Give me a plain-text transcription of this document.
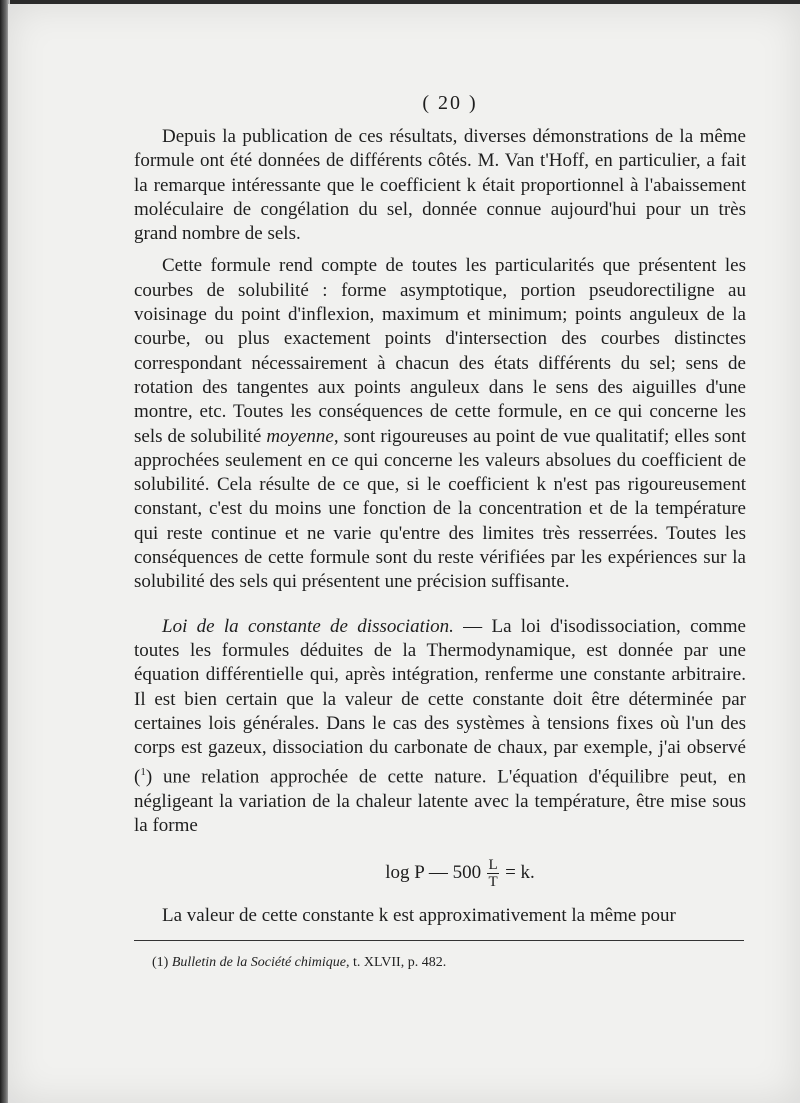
( 20 )

Depuis la publication de ces résultats, diverses démonstrations de la même formule ont été données de différents côtés. M. Van t'Hoff, en particulier, a fait la remarque intéressante que le coefficient k était proportionnel à l'abaissement moléculaire de congélation du sel, donnée connue aujourd'hui pour un très grand nombre de sels.

Cette formule rend compte de toutes les particularités que présentent les courbes de solubilité : forme asymptotique, portion pseudorectiligne au voisinage du point d'inflexion, maximum et minimum; points anguleux de la courbe, ou plus exactement points d'intersection des courbes distinctes correspondant nécessairement à chacun des états différents du sel; sens de rotation des tangentes aux points anguleux dans le sens des aiguilles d'une montre, etc. Toutes les conséquences de cette formule, en ce qui concerne les sels de solubilité moyenne, sont rigoureuses au point de vue qualitatif; elles sont approchées seulement en ce qui concerne les valeurs absolues du coefficient de solubilité. Cela résulte de ce que, si le coefficient k n'est pas rigoureusement constant, c'est du moins une fonction de la concentration et de la température qui reste continue et ne varie qu'entre des limites très resserrées. Toutes les conséquences de cette formule sont du reste vérifiées par les expériences sur la solubilité des sels qui présentent une précision suffisante.

Loi de la constante de dissociation. — La loi d'isodissociation, comme toutes les formules déduites de la Thermodynamique, est donnée par une équation différentielle qui, après intégration, renferme une constante arbitraire. Il est bien certain que la valeur de cette constante doit être déterminée par certaines lois générales. Dans le cas des systèmes à tensions fixes où l'un des corps est gazeux, dissociation du carbonate de chaux, par exemple, j'ai observé ($^1$) une relation approchée de cette nature. L'équation d'équilibre peut, en négligeant la variation de la chaleur latente avec la température, être mise sous la forme

log P — $500 \frac{L}{T} = k$.

La valeur de cette constante k est approximativement la même pour

(1) Bulletin de la Société chimique, t. XLVII, p. 482.
